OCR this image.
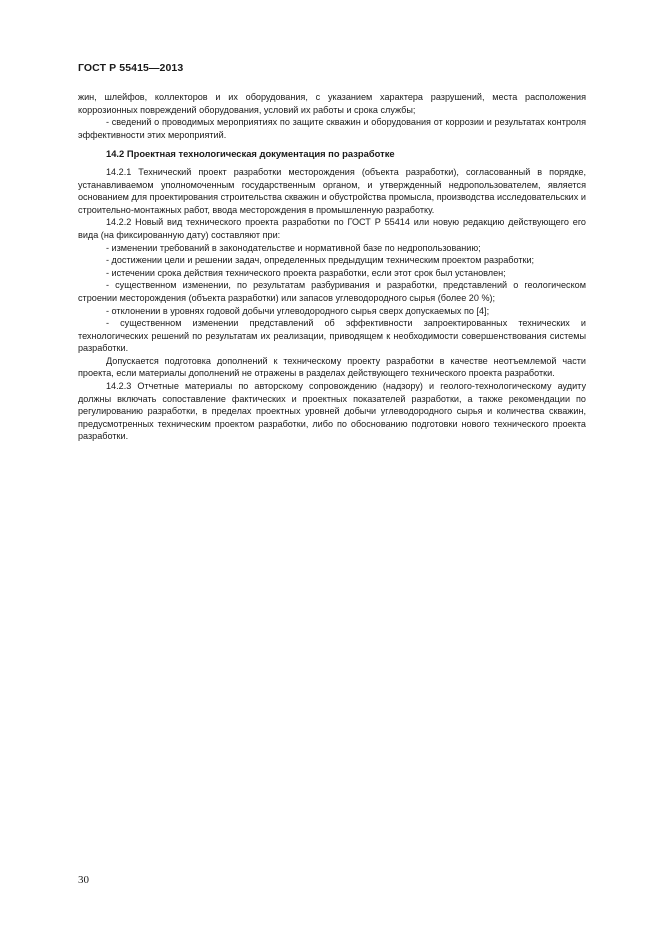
ГОСТ Р 55415—2013

жин, шлейфов, коллекторов и их оборудования, с указанием характера разрушений, места расположения коррозионных повреждений оборудования, условий их работы и срока службы;

- сведений о проводимых мероприятиях по защите скважин и оборудования от коррозии и результатах контроля эффективности этих мероприятий.

14.2 Проектная технологическая документация по разработке

14.2.1 Технический проект разработки месторождения (объекта разработки), согласованный в порядке, устанавливаемом уполномоченным государственным органом, и утвержденный недропользователем, является основанием для проектирования строительства скважин и обустройства промысла, производства исследовательских и строительно-монтажных работ, ввода месторождения в промышленную разработку.

14.2.2 Новый вид технического проекта разработки по ГОСТ Р 55414 или новую редакцию действующего его вида (на фиксированную дату) составляют при:

- изменении требований в законодательстве и нормативной базе по недропользованию;

- достижении цели и решении задач, определенных предыдущим техническим проектом разработки;

- истечении срока действия технического проекта разработки, если этот срок был установлен;

- существенном изменении, по результатам разбуривания и разработки, представлений о геологическом строении месторождения (объекта разработки) или запасов углеводородного сырья (более 20 %);

- отклонении в уровнях годовой добычи углеводородного сырья сверх допускаемых по [4];

- существенном изменении представлений об эффективности запроектированных технических и технологических решений по результатам их реализации, приводящем к необходимости совершенствования системы разработки.

Допускается подготовка дополнений к техническому проекту разработки в качестве неотъемлемой части проекта, если материалы дополнений не отражены в разделах действующего технического проекта разработки.

14.2.3 Отчетные материалы по авторскому сопровождению (надзору) и геолого-технологическому аудиту должны включать сопоставление фактических и проектных показателей разработки, а также рекомендации по регулированию разработки, в пределах проектных уровней добычи углеводородного сырья и количества скважин, предусмотренных техническим проектом разработки, либо по обоснованию подготовки нового технического проекта разработки.

30
